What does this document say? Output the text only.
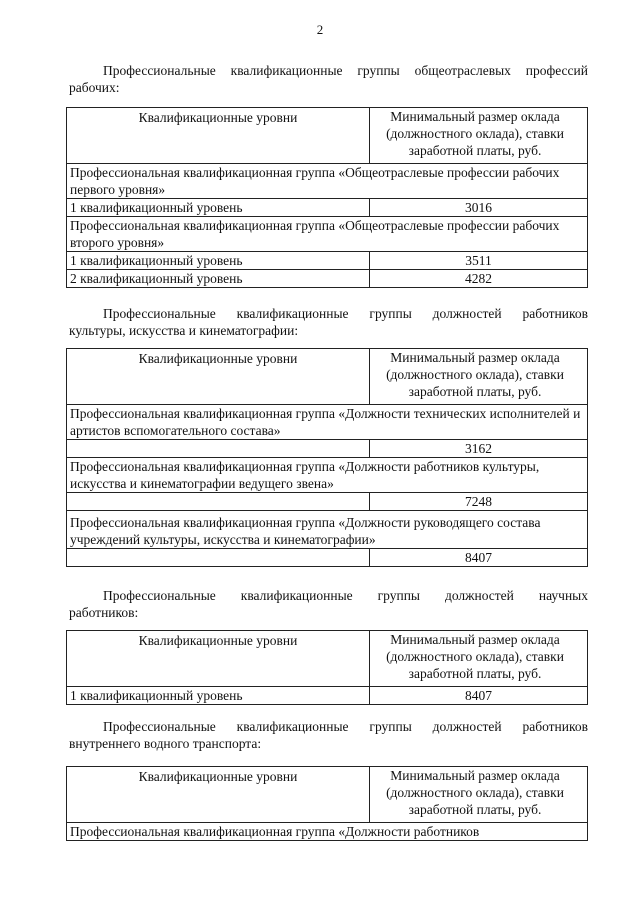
2
Профессиональные квалификационные группы общеотраслевых профессий
рабочих:
Квалификационные уровни	Минимальный размер оклада
(должностного оклада), ставки
заработной платы, руб.

Профессиональная квалификационная группа «Общеотраслевые профессии рабочих первого уровня»	
1 квалификационный уровень	3016
Профессиональная квалификационная группа «Общеотраслевые профессии рабочих второго уровня»	
1 квалификационный уровень	3511
2 квалификационный уровень	4282
Профессиональные квалификационные группы должностей работников
культуры, искусства и кинематографии:
Квалификационные уровни	Минимальный размер оклада
(должностного оклада), ставки
заработной платы, руб.

Профессиональная квалификационная группа «Должности технических исполнителей и артистов вспомогательного состава»	
	3162
Профессиональная квалификационная группа «Должности работников культуры, искусства и кинематографии ведущего звена»	
	7248
Профессиональная квалификационная группа «Должности руководящего состава учреждений культуры, искусства и кинематографии»	
	8407
Профессиональные квалификационные группы должностей научных
работников:
Квалификационные уровни	Минимальный размер оклада
(должностного оклада), ставки
заработной платы, руб.

1 квалификационный уровень	8407
Профессиональные квалификационные группы должностей работников
внутреннего водного транспорта:
Квалификационные уровни	Минимальный размер оклада
(должностного оклада), ставки
заработной платы, руб.

Профессиональная квалификационная группа «Должности работников
